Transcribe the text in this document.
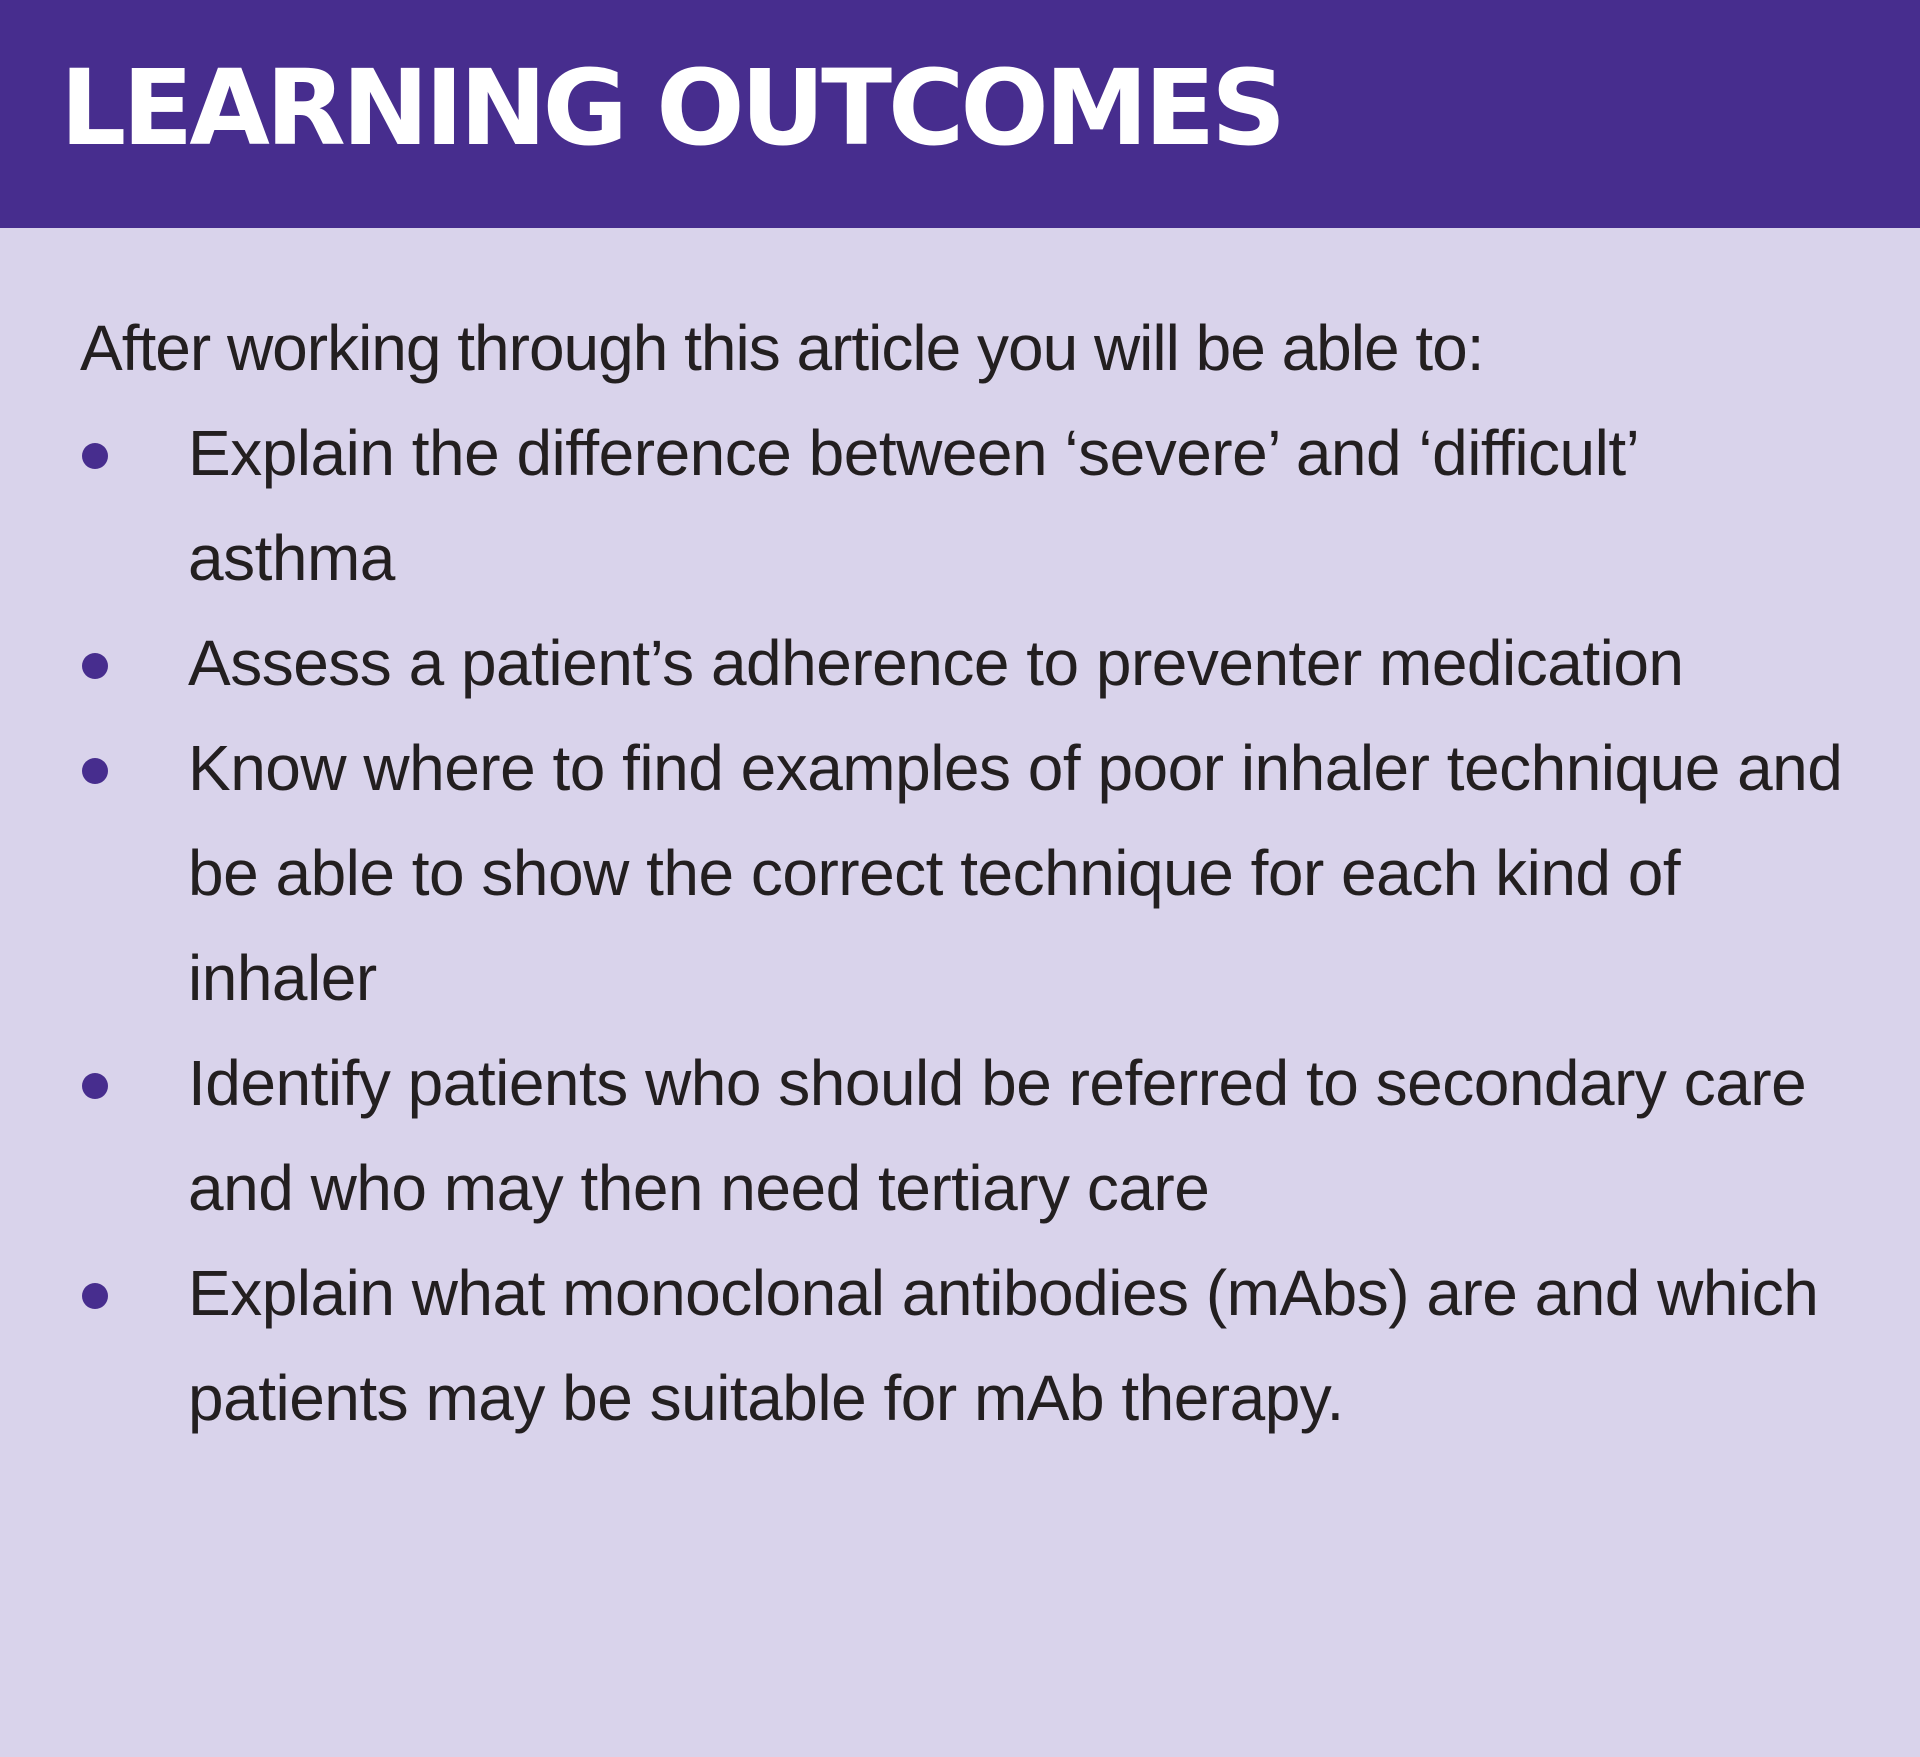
LEARNING OUTCOMES

After working through this article you will be able to:

Explain the difference between ‘severe’ and ‘difficult’ asthma
Assess a patient’s adherence to preventer medication
Know where to find examples of poor inhaler technique and be able to show the correct technique for each kind of inhaler
Identify patients who should be referred to secondary care and who may then need tertiary care
Explain what monoclonal antibodies (mAbs) are and which patients may be suitable for mAb therapy.
